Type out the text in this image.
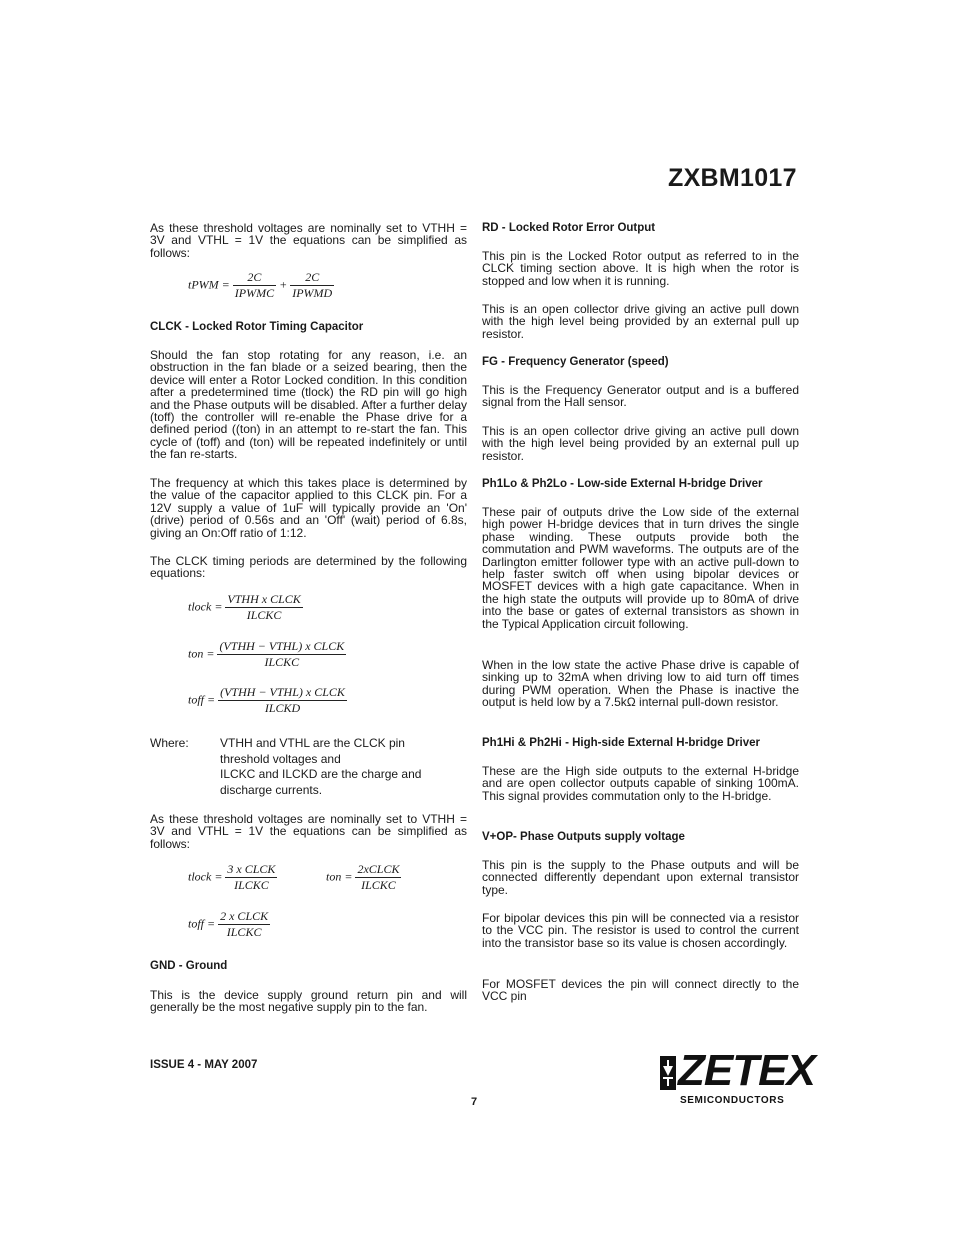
ZXBM1017

As these threshold voltages are nominally set to VTHH = 3V and VTHL = 1V the equations can be simplified as follows:

tPWM = $\frac{2C}{\text{IPWMC}} + \frac{2C}{\text{IPWMD}}$

CLCK - Locked Rotor Timing Capacitor

Should the fan stop rotating for any reason, i.e. an obstruction in the fan blade or a seized bearing, then the device will enter a Rotor Locked condition. In this condition after a predetermined time (tlock) the RD pin will go high and the Phase outputs will be disabled. After a further delay (toff) the controller will re-enable the Phase drive for a defined period ((ton) in an attempt to re-start the fan. This cycle of (toff) and (ton) will be repeated indefinitely or until the fan re-starts.

The frequency at which this takes place is determined by the value of the capacitor applied to this CLCK pin. For a 12V supply a value of 1uF will typically provide an 'On' (drive) period of 0.56s and an 'Off' (wait) period of 6.8s, giving an On:Off ratio of 1:12.

The CLCK timing periods are determined by the following equations:

tlock = $\frac{\text{VTHH x CLCK}}{\text{ILCKC}}$
ton = $\frac{\text{(VTHH − VTHL) x CLCK}}{\text{ILCKC}}$
toff = $\frac{\text{(VTHH − VTHL) x CLCK}}{\text{ILCKD}}$
Where:	VTHH and VTHL are the CLCK pin threshold voltages and
ILCKC and ILCKD are the charge and discharge currents.

As these threshold voltages are nominally set to VTHH = 3V and VTHL = 1V the equations can be simplified as follows:

tlock = $\frac{\text{3 x CLCK}}{\text{ILCKC}}$	ton = $\frac{\text{2xCLCK}}{\text{ILCKC}}$
toff = $\frac{\text{2 x CLCK}}{\text{ILCKC}}$

GND - Ground

This is the device supply ground return pin and will generally be the most negative supply pin to the fan.

RD - Locked Rotor Error Output

This pin is the Locked Rotor output as referred to in the CLCK timing section above. It is high when the rotor is stopped and low when it is running.

This is an open collector drive giving an active pull down with the high level being provided by an external pull up resistor.

FG - Frequency Generator (speed)

This is the Frequency Generator output and is a buffered signal from the Hall sensor.

This is an open collector drive giving an active pull down with the high level being provided by an external pull up resistor.

Ph1Lo & Ph2Lo - Low-side External H-bridge Driver

These pair of outputs drive the Low side of the external high power H-bridge devices that in turn drives the single phase winding. These outputs provide both the commutation and PWM waveforms. The outputs are of the Darlington emitter follower type with an active pull-down to help faster switch off when using bipolar devices or MOSFET devices with a high gate capacitance. When in the high state the outputs will provide up to 80mA of drive into the base or gates of external transistors as shown in the Typical Application circuit following.

When in the low state the active Phase drive is capable of sinking up to 32mA when driving low to aid turn off times during PWM operation. When the Phase is inactive the output is held low by a 7.5kΩ internal pull-down resistor.

Ph1Hi & Ph2Hi - High-side External H-bridge Driver

These are the High side outputs to the external H-bridge and are open collector outputs capable of sinking 100mA. This signal provides commutation only to the H-bridge.

V+OP- Phase Outputs supply voltage

This pin is the supply to the Phase outputs and will be connected differently dependant upon external transistor type.

For bipolar devices this pin will be connected via a resistor to the VCC pin. The resistor is used to control the current into the transistor base so its value is chosen accordingly.

For MOSFET devices the pin will connect directly to the VCC pin

ISSUE 4 - MAY 2007
7
ZETEX
SEMICONDUCTORS
